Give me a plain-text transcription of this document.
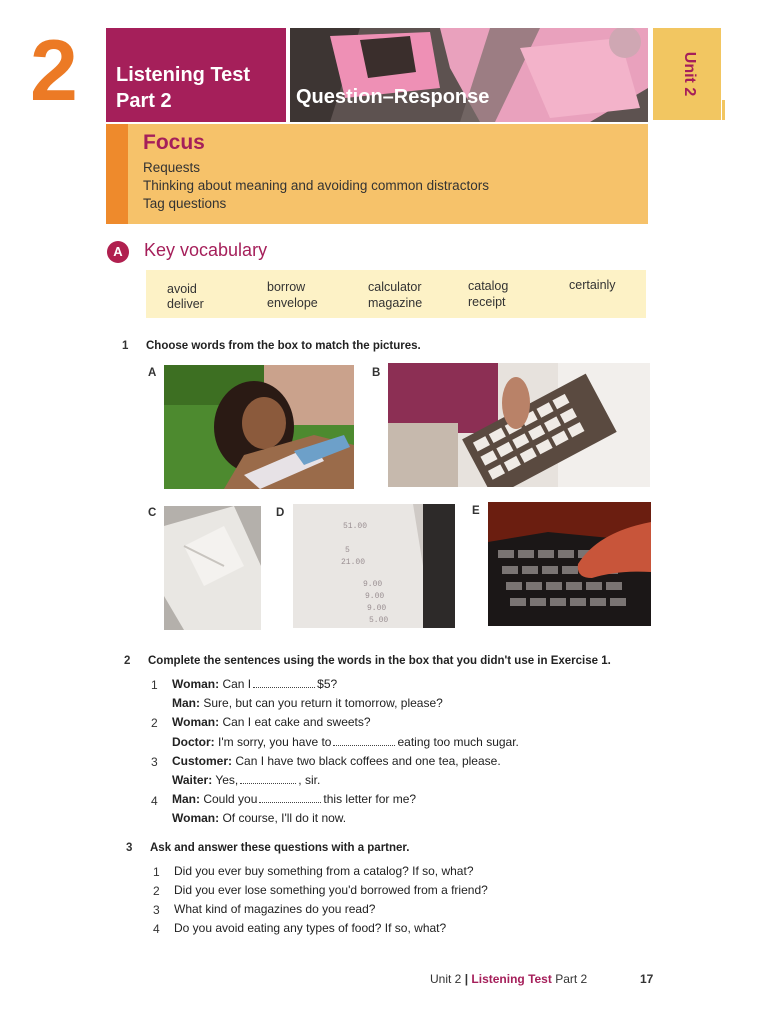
2 Listening Test
Part 2	Question–Response
Unit 2
Focus
Requests
Thinking about meaning and avoiding common distractors
Tag questions
A	Key vocabulary
avoid	borrow	calculator	catalog	certainly
deliver	envelope	magazine	receipt
1 Choose words from the box to match the pictures.
A	B
C	D
51.00
5
21.00
9.00
9.00
9.00
5.00
E
2 Complete the sentences using the words in the box that you didn't use in Exercise 1.
1 Woman: Can I	$5?
Man: Sure, but can you return it tomorrow, please?
2 Woman: Can I eat cake and sweets?
Doctor: I'm sorry, you have to	eating too much sugar.
3 Customer: Can I have two black coffees and one tea, please.
Waiter: Yes,	, sir.
4 Man: Could you	this letter for me?
Woman: Of course, I'll do it now.
3 Ask and answer these questions with a partner.
1 Did you ever buy something from a catalog? If so, what?
2 Did you ever lose something you'd borrowed from a friend?
3 What kind of magazines do you read?
4 Do you avoid eating any types of food? If so, what?
Unit 2 | Listening Test Part 2	17
